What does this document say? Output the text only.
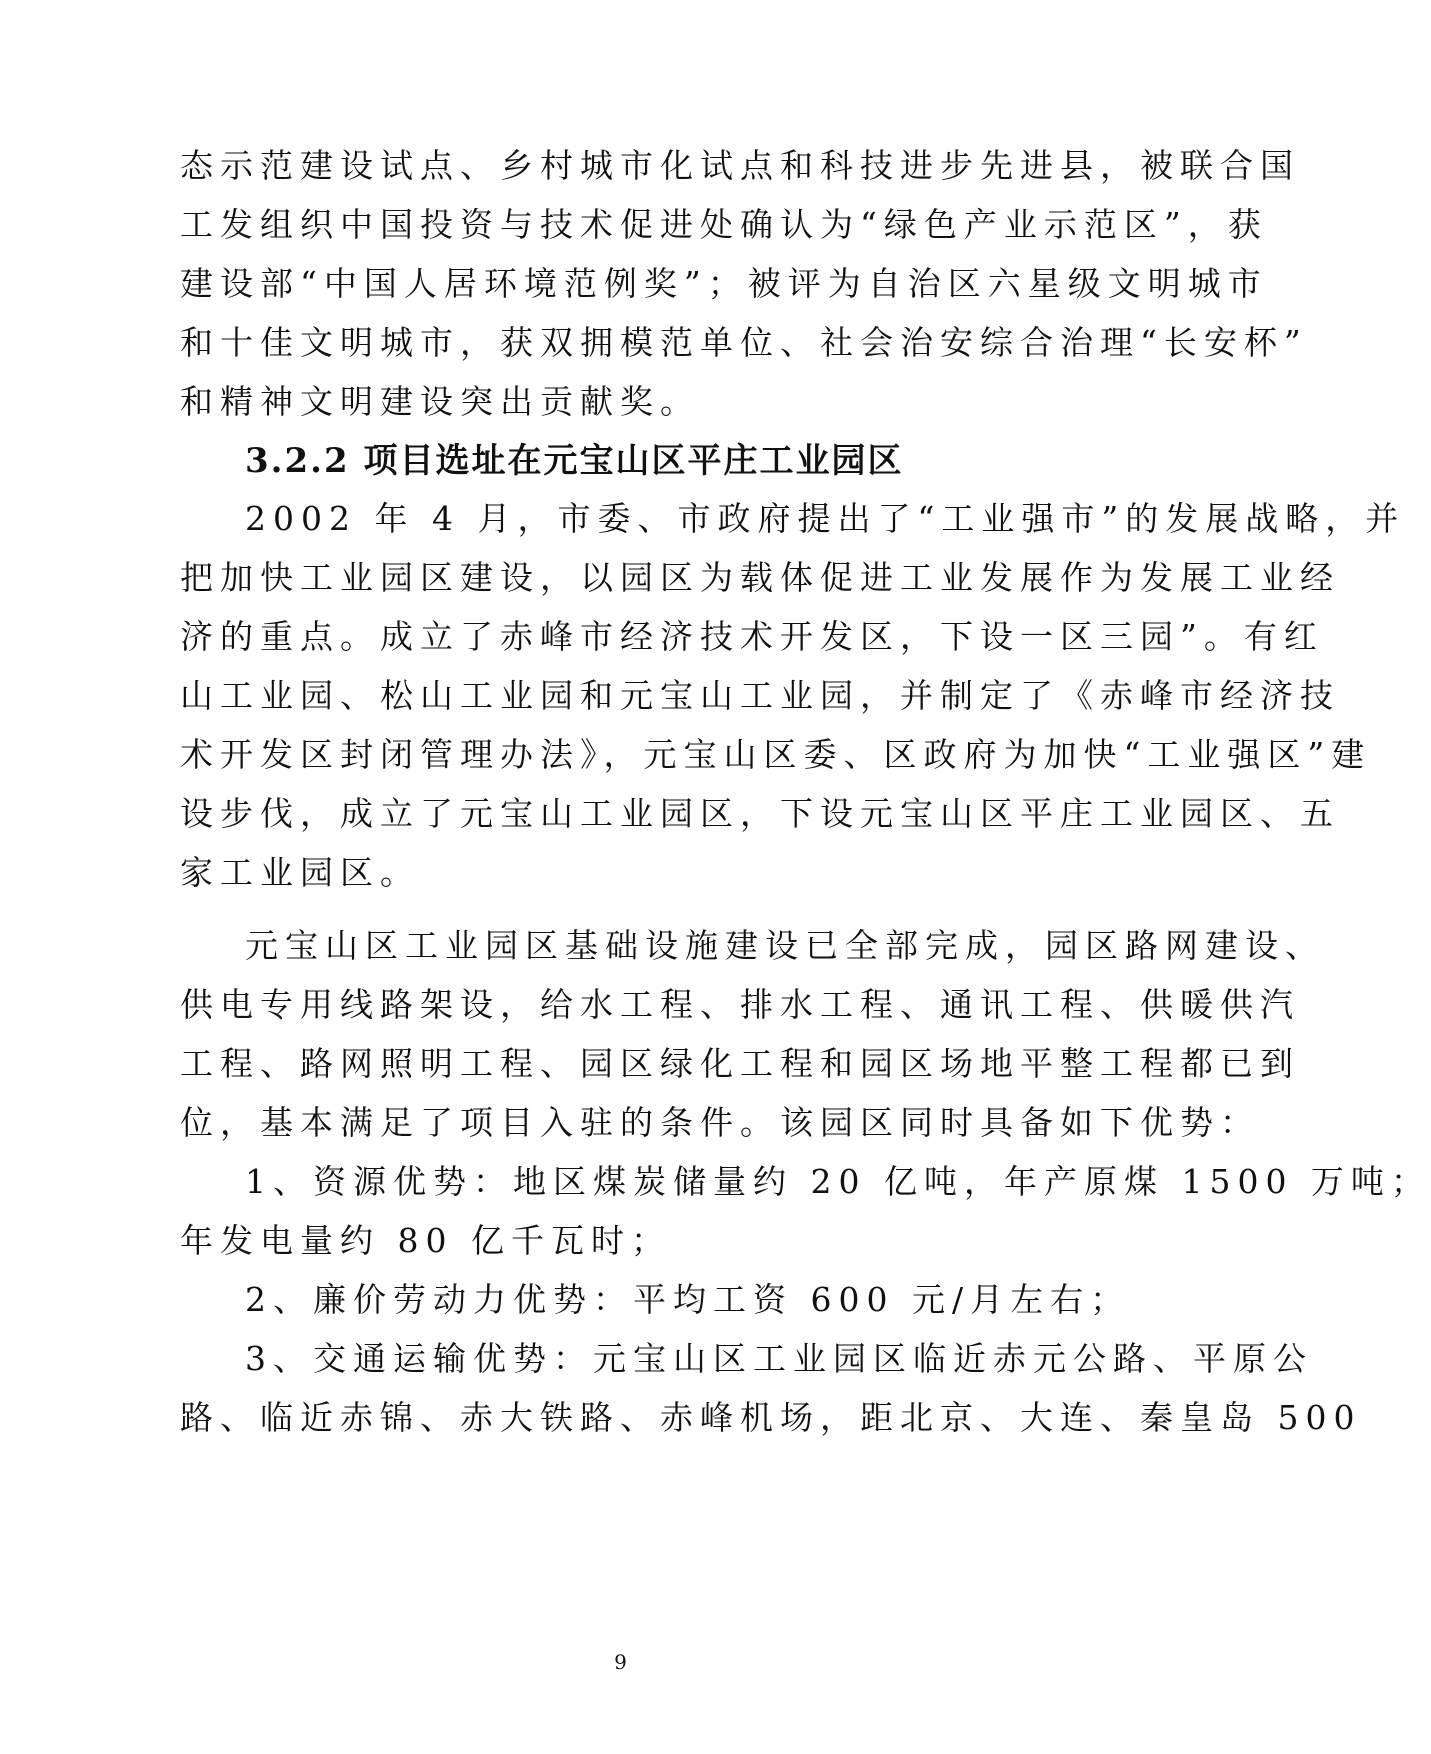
态示范建设试点、乡村城市化试点和科技进步先进县，被联合国
工发组织中国投资与技术促进处确认为“绿色产业示范区”，获
建设部“中国人居环境范例奖”；被评为自治区六星级文明城市
和十佳文明城市，获双拥模范单位、社会治安综合治理“长安杯”
和精神文明建设突出贡献奖。
3.2.2 项目选址在元宝山区平庄工业园区
2002 年 4 月，市委、市政府提出了“工业强市”的发展战略，并
把加快工业园区建设，以园区为载体促进工业发展作为发展工业经
济的重点。成立了赤峰市经济技术开发区，下设一区三园”。有红
山工业园、松山工业园和元宝山工业园，并制定了《赤峰市经济技
术开发区封闭管理办法》，元宝山区委、区政府为加快“工业强区”建
设步伐，成立了元宝山工业园区，下设元宝山区平庄工业园区、五
家工业园区。
元宝山区工业园区基础设施建设已全部完成，园区路网建设、
供电专用线路架设，给水工程、排水工程、通讯工程、供暖供汽
工程、路网照明工程、园区绿化工程和园区场地平整工程都已到
位，基本满足了项目入驻的条件。该园区同时具备如下优势：
1、资源优势：地区煤炭储量约 20 亿吨，年产原煤 1500 万吨；
年发电量约 80 亿千瓦时；
2、廉价劳动力优势：平均工资 600 元/月左右；
3、交通运输优势：元宝山区工业园区临近赤元公路、平原公
路、临近赤锦、赤大铁路、赤峰机场，距北京、大连、秦皇岛 500
9
